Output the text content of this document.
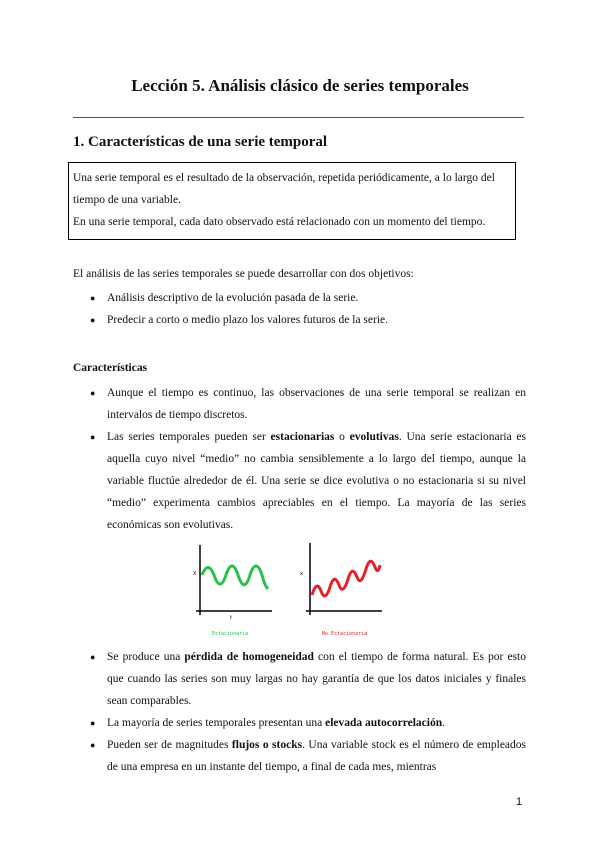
Lección 5. Análisis clásico de series temporales
1. Características de una serie temporal

Una serie temporal es el resultado de la observación, repetida periódicamente, a lo largo del tiempo de una variable.

En una serie temporal, cada dato observado está relacionado con un momento del tiempo.

El análisis de las series temporales se puede desarrollar con dos objetivos:

● Análisis descriptivo de la evolución pasada de la serie.
● Predecir a corto o medio plazo los valores futuros de la serie.

Características

● Aunque el tiempo es continuo, las observaciones de una serie temporal se realizan en intervalos de tiempo discretos.
● Las series temporales pueden ser estacionarias o evolutivas. Una serie estacionaria es aquella cuyo nivel “medio” no cambia sensiblemente a lo largo del tiempo, aunque la variable fluctúe alrededor de él. Una serie se dice evolutiva o no estacionaria si su nivel “medio” experimenta cambios apreciables en el tiempo. La mayoría de las series económicas son evolutivas.
X
t
Estacionaria
x
No Estacionaria
● Se produce una pérdida de homogeneidad con el tiempo de forma natural. Es por esto que cuando las series son muy largas no hay garantía de que los datos iniciales y finales sean comparables.
● La mayoría de series temporales presentan una elevada autocorrelación.
● Pueden ser de magnitudes flujos o stocks. Una variable stock es el número de empleados de una empresa en un instante del tiempo, a final de cada mes, mientras
1
